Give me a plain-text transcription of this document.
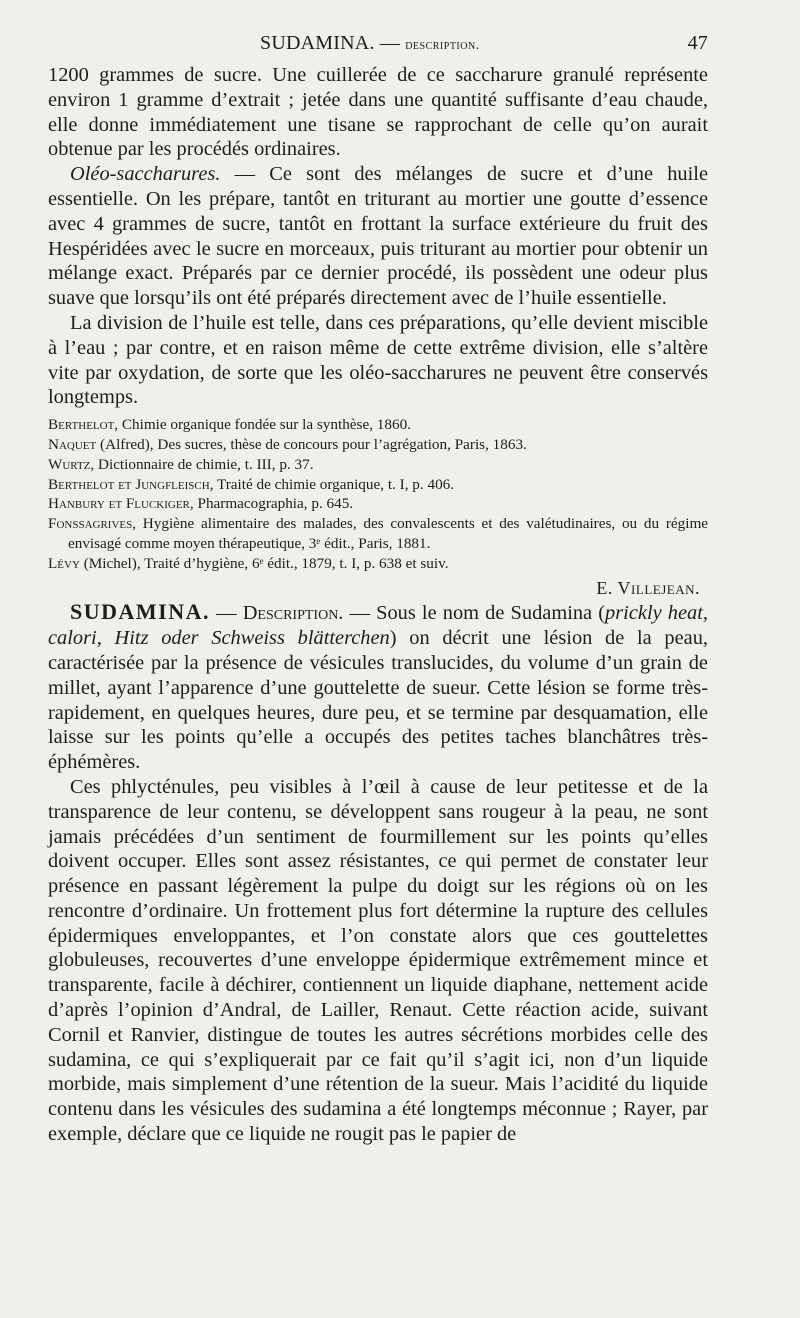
SUDAMINA. — description.	47

1200 grammes de sucre. Une cuillerée de ce saccharure granulé représente environ 1 gramme d’extrait ; jetée dans une quantité suffisante d’eau chaude, elle donne immédiatement une tisane se rapprochant de celle qu’on aurait obtenue par les procédés ordinaires.

Oléo-saccharures. — Ce sont des mélanges de sucre et d’une huile essentielle. On les prépare, tantôt en triturant au mortier une goutte d’essence avec 4 grammes de sucre, tantôt en frottant la surface extérieure du fruit des Hespéridées avec le sucre en morceaux, puis triturant au mortier pour obtenir un mélange exact. Préparés par ce dernier procédé, ils possèdent une odeur plus suave que lorsqu’ils ont été préparés directement avec de l’huile essentielle.

La division de l’huile est telle, dans ces préparations, qu’elle devient miscible à l’eau ; par contre, et en raison même de cette extrême division, elle s’altère vite par oxydation, de sorte que les oléo-saccharures ne peuvent être conservés longtemps.

Berthelot, Chimie organique fondée sur la synthèse, 1860.
Naquet (Alfred), Des sucres, thèse de concours pour l’agrégation, Paris, 1863.
Wurtz, Dictionnaire de chimie, t. III, p. 37.
Berthelot et Jungfleisch, Traité de chimie organique, t. I, p. 406.
Hanbury et Fluckiger, Pharmacographia, p. 645.
Fonssagrives, Hygiène alimentaire des malades, des convalescents et des valétudinaires, ou du régime envisagé comme moyen thérapeutique, 3ᵉ édit., Paris, 1881.
Lévy (Michel), Traité d’hygiène, 6ᵉ édit., 1879, t. I, p. 638 et suiv.
E. Villejean.

SUDAMINA. — Description. — Sous le nom de Sudamina (prickly heat, calori, Hitz oder Schweiss blätterchen) on décrit une lésion de la peau, caractérisée par la présence de vésicules translucides, du volume d’un grain de millet, ayant l’apparence d’une gouttelette de sueur. Cette lésion se forme très-rapidement, en quelques heures, dure peu, et se termine par desquamation, elle laisse sur les points qu’elle a occupés des petites taches blanchâtres très-éphémères.

Ces phlycténules, peu visibles à l’œil à cause de leur petitesse et de la transparence de leur contenu, se développent sans rougeur à la peau, ne sont jamais précédées d’un sentiment de fourmillement sur les points qu’elles doivent occuper. Elles sont assez résistantes, ce qui permet de constater leur présence en passant légèrement la pulpe du doigt sur les régions où on les rencontre d’ordinaire. Un frottement plus fort détermine la rupture des cellules épidermiques enveloppantes, et l’on constate alors que ces gouttelettes globuleuses, recouvertes d’une enveloppe épidermique extrêmement mince et transparente, facile à déchirer, contiennent un liquide diaphane, nettement acide d’après l’opinion d’Andral, de Lailler, Renaut. Cette réaction acide, suivant Cornil et Ranvier, distingue de toutes les autres sécrétions morbides celle des sudamina, ce qui s’expliquerait par ce fait qu’il s’agit ici, non d’un liquide morbide, mais simplement d’une rétention de la sueur. Mais l’acidité du liquide contenu dans les vésicules des sudamina a été longtemps méconnue ; Rayer, par exemple, déclare que ce liquide ne rougit pas le papier de
